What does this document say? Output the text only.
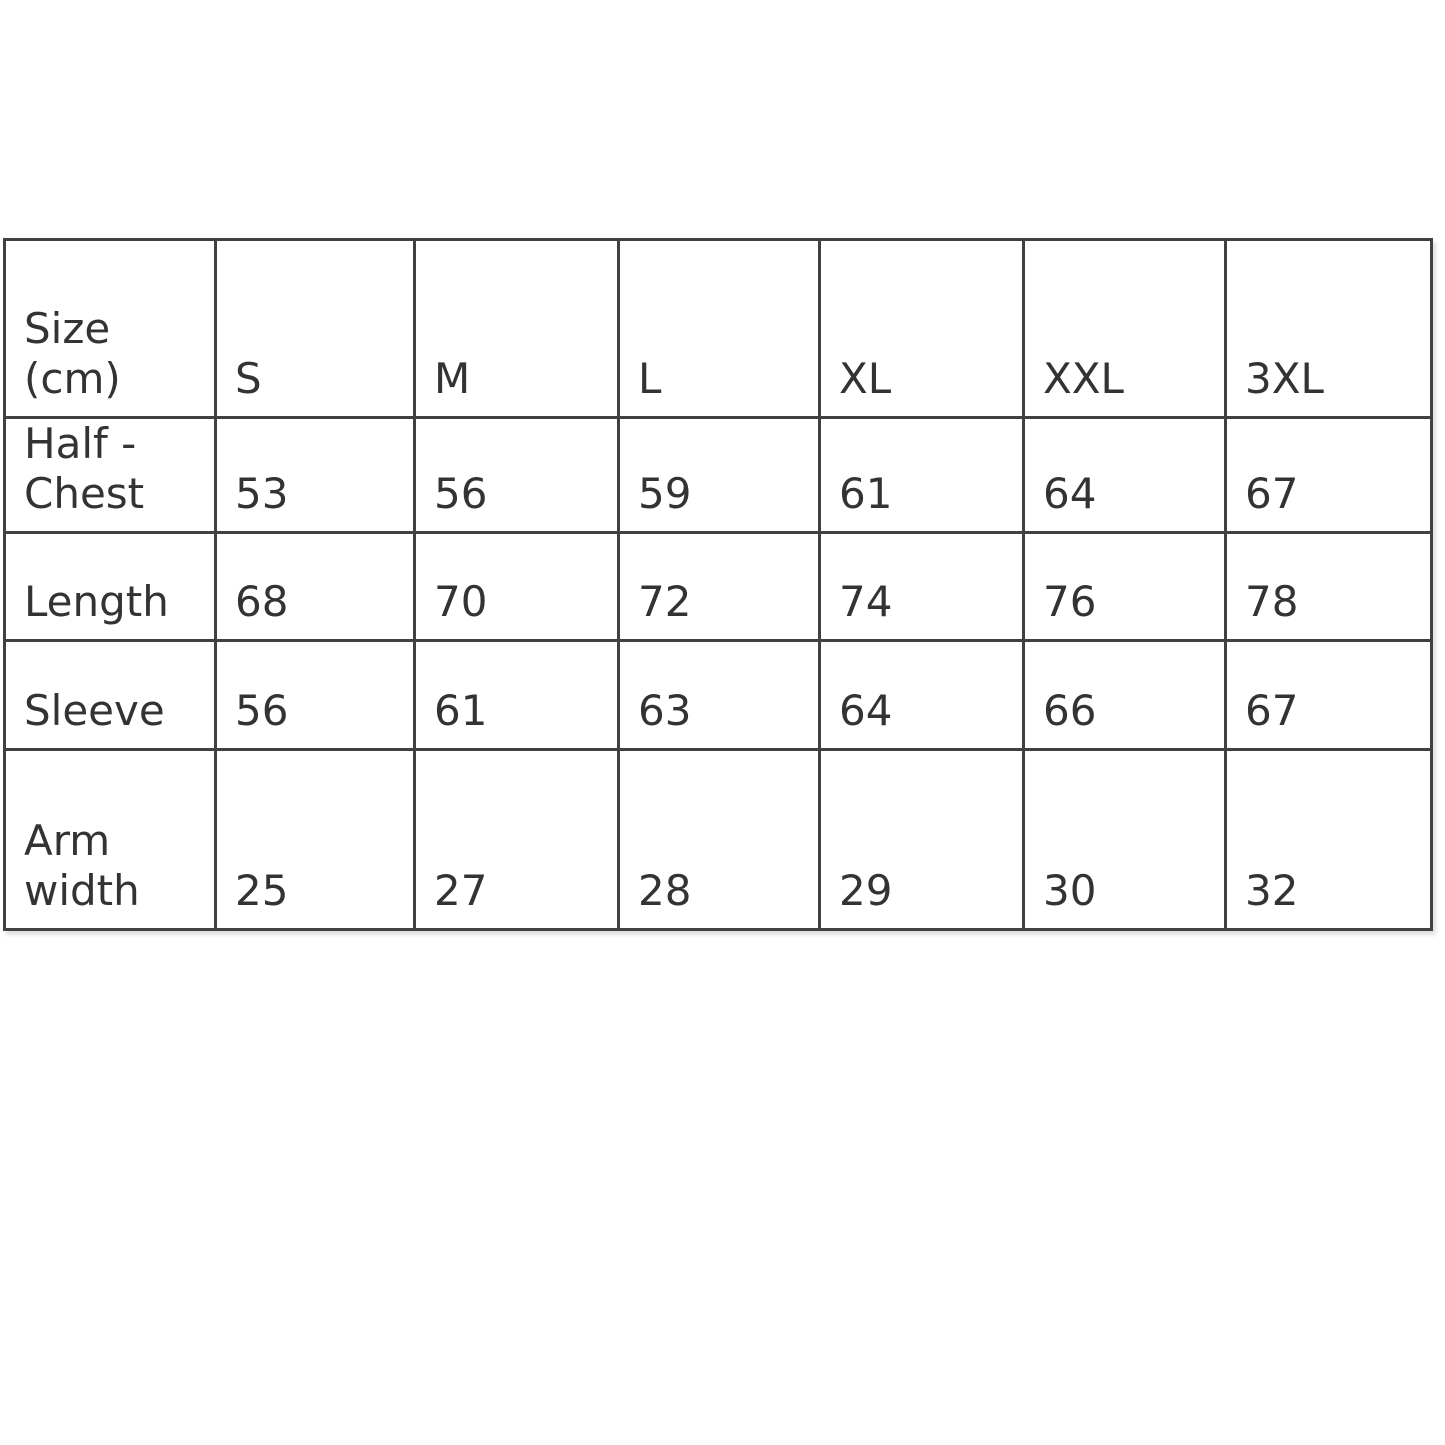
Size
(cm)	S	M	L	XL	XXL	3XL

Half -
Chest	53	56	59	61	64	67
Length	68	70	72	74	76	78
Sleeve	56	61	63	64	66	67

Arm
width	25	27	28	29	30	32
